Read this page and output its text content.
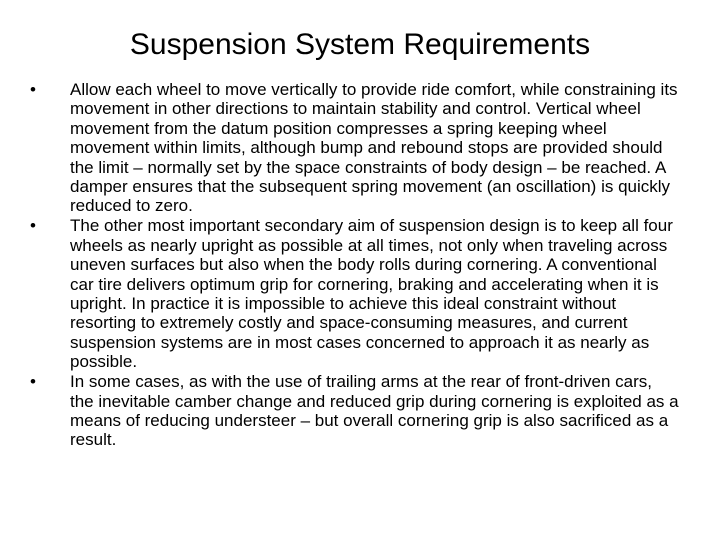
Suspension System Requirements
•	Allow each wheel to move vertically to provide ride comfort, while constraining its movement in other directions to maintain stability and control. Vertical wheel movement from the datum position compresses a spring keeping wheel movement within limits, although bump and rebound stops are provided should the limit – normally set by the space constraints of body design – be reached. A damper ensures that the subsequent spring movement (an oscillation) is quickly reduced to zero.
•	The other most important secondary aim of suspension design is to keep all four wheels as nearly upright as possible at all times, not only when traveling across uneven surfaces but also when the body rolls during cornering. A conventional car tire delivers optimum grip for cornering, braking and accelerating when it is upright. In practice it is impossible to achieve this ideal constraint without resorting to extremely costly and space-consuming measures, and current suspension systems are in most cases concerned to approach it as nearly as possible.
•	In some cases, as with the use of trailing arms at the rear of front-driven cars, the inevitable camber change and reduced grip during cornering is exploited as a means of reducing understeer – but overall cornering grip is also sacrificed as a result.
